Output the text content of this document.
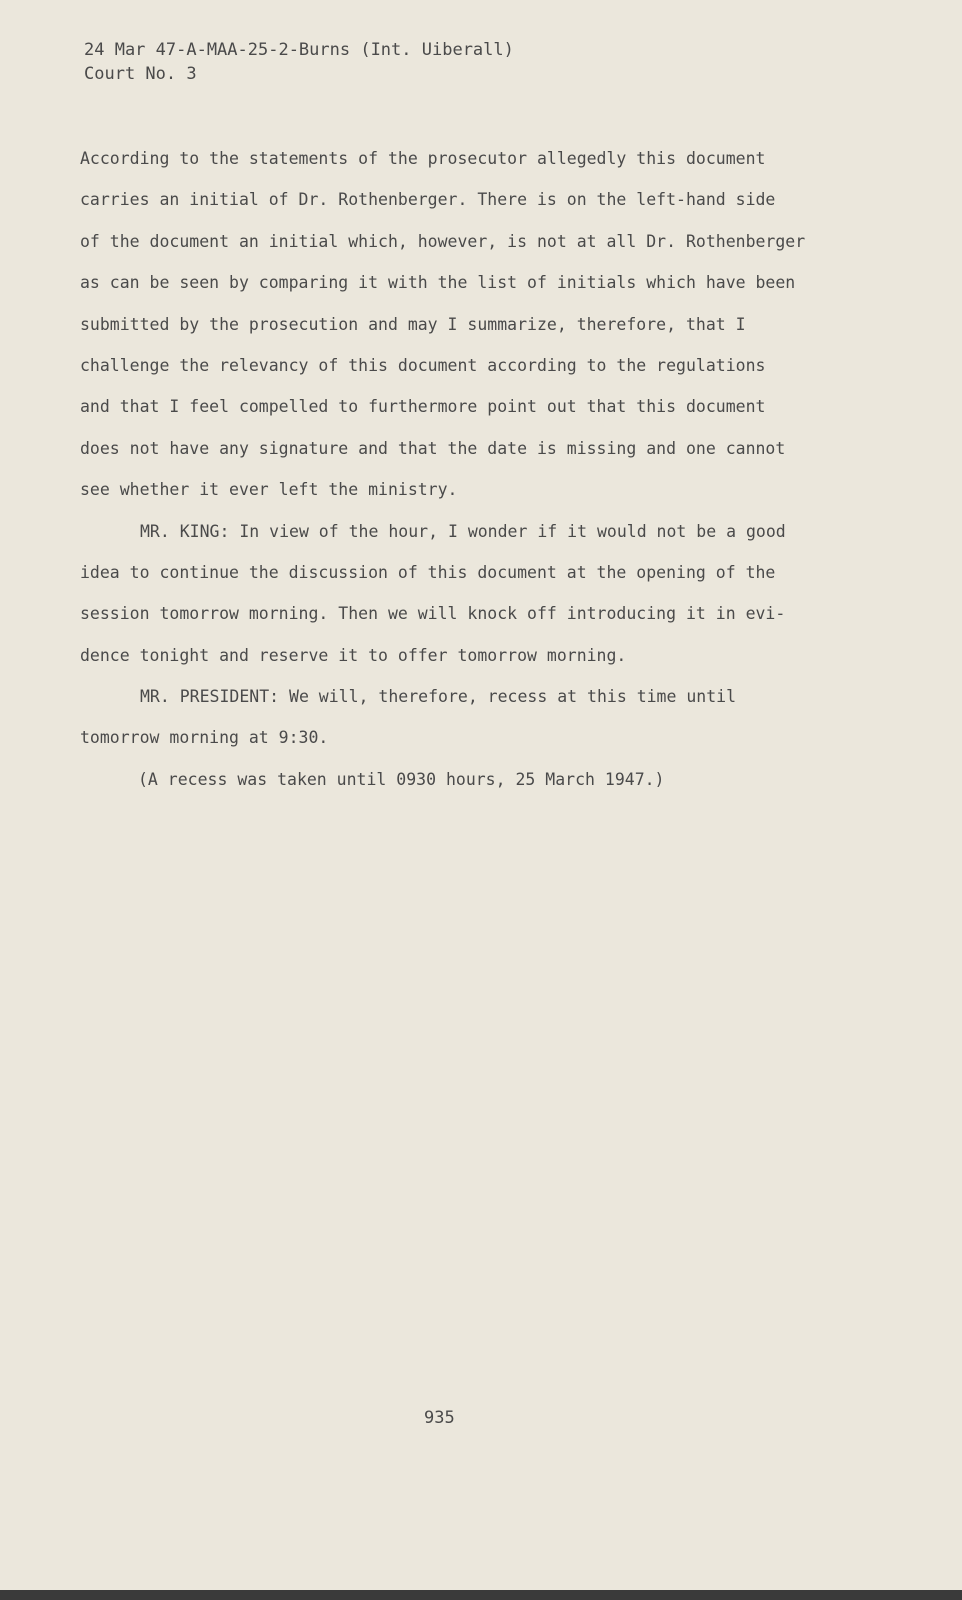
24 Mar 47-A-MAA-25-2-Burns (Int. Uiberall)
Court No. 3
According to the statements of the prosecutor allegedly this document
carries an initial of Dr. Rothenberger. There is on the left-hand side
of the document an initial which, however, is not at all Dr. Rothenberger
as can be seen by comparing it with the list of initials which have been
submitted by the prosecution and may I summarize, therefore, that I
challenge the relevancy of this document according to the regulations
and that I feel compelled to furthermore point out that this document
does not have any signature and that the date is missing and one cannot
see whether it ever left the ministry.
MR. KING: In view of the hour, I wonder if it would not be a good
idea to continue the discussion of this document at the opening of the
session tomorrow morning. Then we will knock off introducing it in evi-
dence tonight and reserve it to offer tomorrow morning.
MR. PRESIDENT: We will, therefore, recess at this time until
tomorrow morning at 9:30.
(A recess was taken until 0930 hours, 25 March 1947.)
935
